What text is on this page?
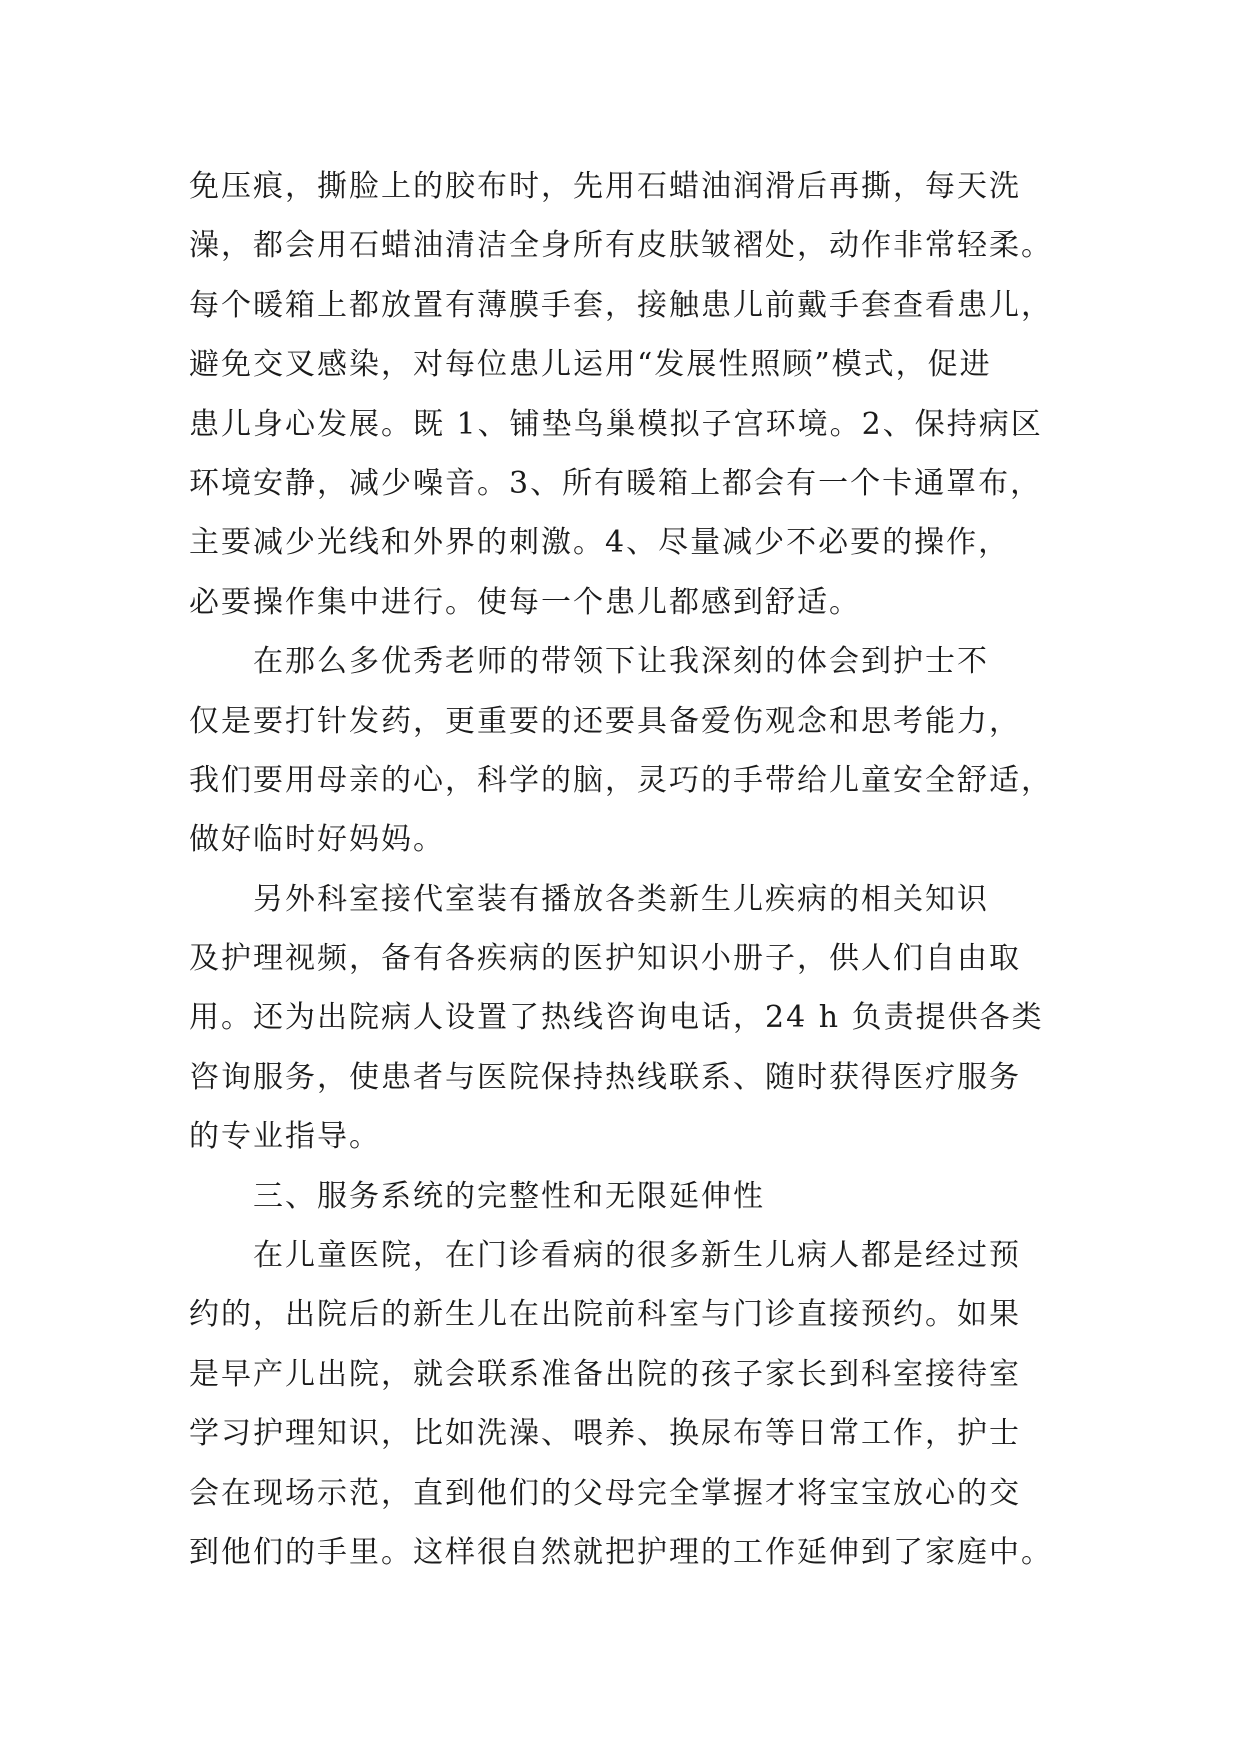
免压痕，撕脸上的胶布时，先用石蜡油润滑后再撕，每天洗
澡，都会用石蜡油清洁全身所有皮肤皱褶处，动作非常轻柔。
每个暖箱上都放置有薄膜手套，接触患儿前戴手套查看患儿，
避免交叉感染，对每位患儿运用“发展性照顾”模式，促进
患儿身心发展。既 1、铺垫鸟巢模拟子宫环境。2、保持病区
环境安静，减少噪音。3、所有暖箱上都会有一个卡通罩布，
主要减少光线和外界的刺激。4、尽量减少不必要的操作，
必要操作集中进行。使每一个患儿都感到舒适。
在那么多优秀老师的带领下让我深刻的体会到护士不
仅是要打针发药，更重要的还要具备爱伤观念和思考能力，
我们要用母亲的心，科学的脑，灵巧的手带给儿童安全舒适，
做好临时好妈妈。
另外科室接代室装有播放各类新生儿疾病的相关知识
及护理视频，备有各疾病的医护知识小册子，供人们自由取
用。还为出院病人设置了热线咨询电话，24 h 负责提供各类
咨询服务，使患者与医院保持热线联系、随时获得医疗服务
的专业指导。
三、服务系统的完整性和无限延伸性
在儿童医院，在门诊看病的很多新生儿病人都是经过预
约的，出院后的新生儿在出院前科室与门诊直接预约。如果
是早产儿出院，就会联系准备出院的孩子家长到科室接待室
学习护理知识，比如洗澡、喂养、换尿布等日常工作，护士
会在现场示范，直到他们的父母完全掌握才将宝宝放心的交
到他们的手里。这样很自然就把护理的工作延伸到了家庭中。
